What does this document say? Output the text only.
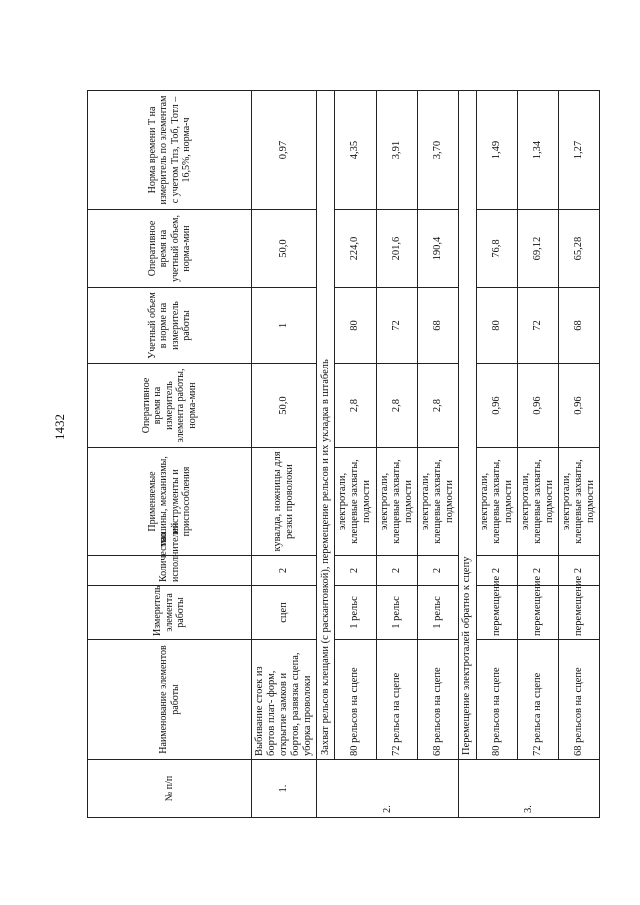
1432
№ п/п	Наименование элементов работы	Измеритель элемента работы	Количество исполнителей	Применяемые машины, механизмы, инструменты и приспособления	Оперативное время на измеритель элемента работы, норма-мин	Учетный объем в норме на измеритель работы	Оперативное время на учетный объем, норма-мин	Норма времени Т на измеритель по элементам с учетом Тпз, Тоб, Тотл – 16,5%, норма-ч
1.	Выбивание стоек из бортов плат- форм, открытие замков и бортов, развязка сцепа, уборка проволоки	сцеп	2	кувалда, ножницы для резки проволоки	50,0	1	50,0	0,97
2.	Захват рельсов клещами (с раскантовкой), перемещение рельсов и их укладка в штабель							
	80 рельсов на сцепе	1 рельс	2	электротали, клещевые захваты, подмости	2,8	80	224,0	4,35
	72 рельса на сцепе	1 рельс	2	электротали, клещевые захваты, подмости	2,8	72	201,6	3,91
	68 рельсов на сцепе	1 рельс	2	электротали, клещевые захваты, подмости	2,8	68	190,4	3,70
3.	Перемещение электроталей обратно к сцепу							
	80 рельсов на сцепе	перемещение	2	электротали, клещевые захваты, подмости	0,96	80	76,8	1,49
	72 рельса на сцепе	перемещение	2	электротали, клещевые захваты, подмости	0,96	72	69,12	1,34
	68 рельсов на сцепе	перемещение	2	электротали, клещевые захваты, подмости	0,96	68	65,28	1,27
